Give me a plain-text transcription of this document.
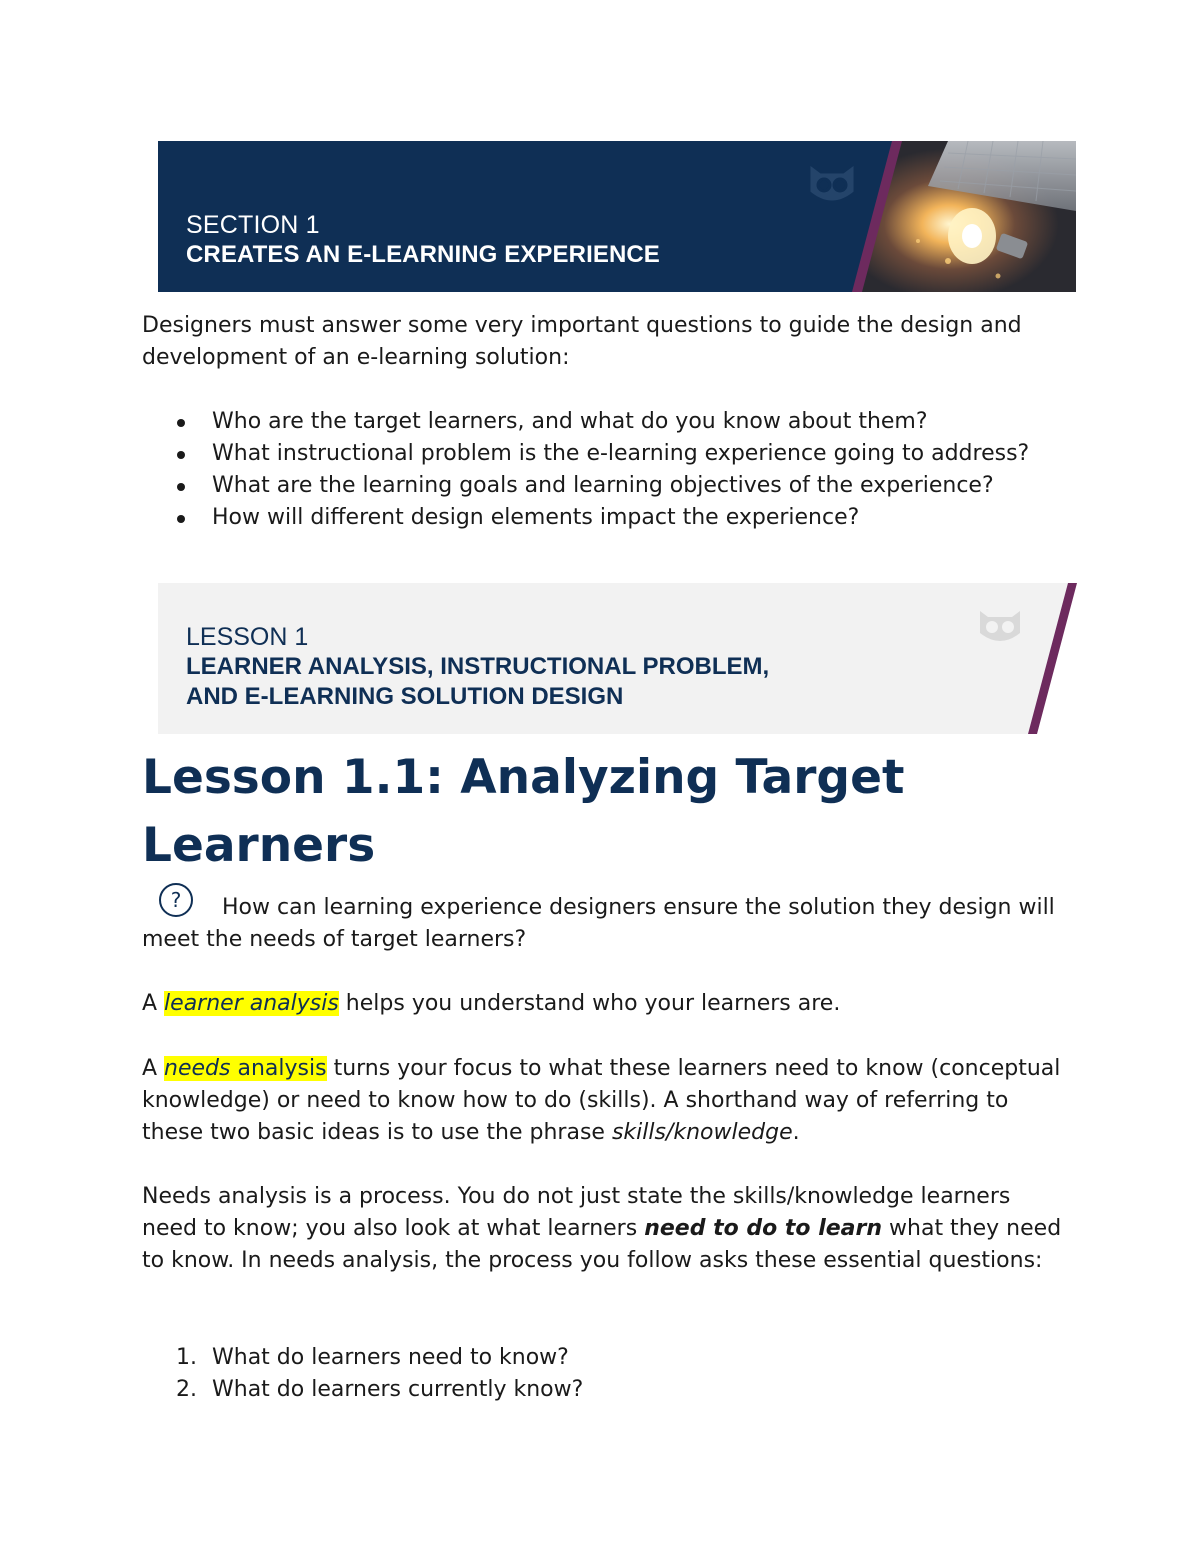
SECTION 1
CREATES AN E-LEARNING EXPERIENCE
Designers must answer some very important questions to guide the design and development of an e-learning solution:
Who are the target learners, and what do you know about them?
What instructional problem is the e-learning experience going to address?
What are the learning goals and learning objectives of the experience?
How will different design elements impact the experience?
LESSON 1
LEARNER ANALYSIS, INSTRUCTIONAL PROBLEM,
AND E-LEARNING SOLUTION DESIGN
Lesson 1.1: Analyzing Target Learners
?	How can learning experience designers ensure the solution they design will meet the needs of target learners?
A learner analysis helps you understand who your learners are.
A needs analysis turns your focus to what these learners need to know (conceptual knowledge) or need to know how to do (skills). A shorthand way of referring to these two basic ideas is to use the phrase skills/knowledge.
Needs analysis is a process. You do not just state the skills/knowledge learners need to know; you also look at what learners need to do to learn what they need to know. In needs analysis, the process you follow asks these essential questions:
1. What do learners need to know?
2. What do learners currently know?
